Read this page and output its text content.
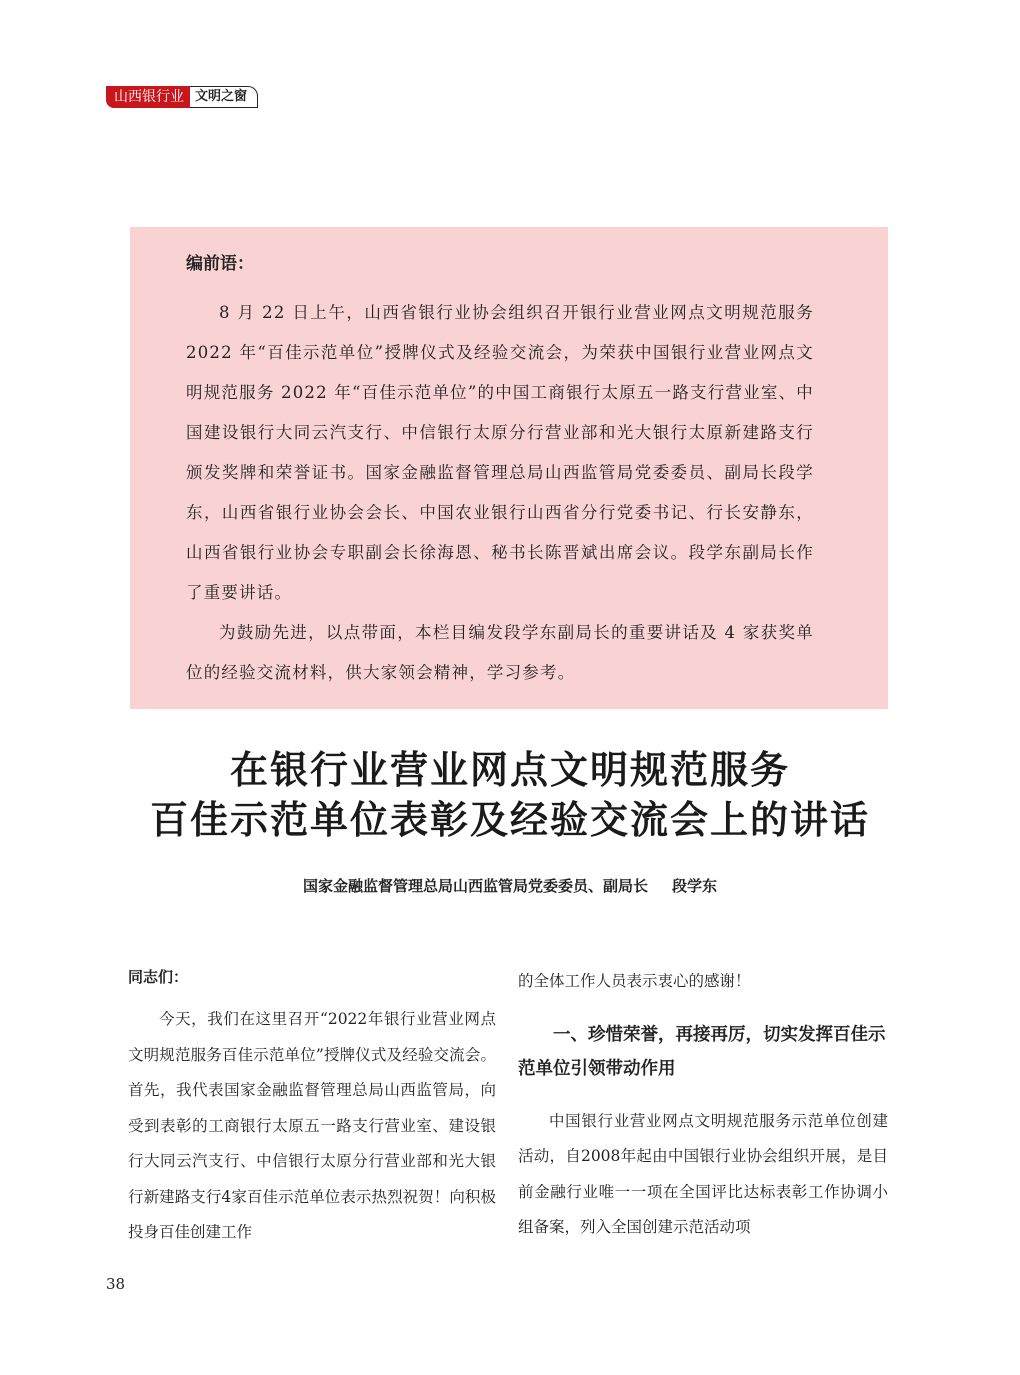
山西银行业 文明之窗
编前语：

8 月 22 日上午，山西省银行业协会组织召开银行业营业网点文明规范服务 2022 年“百佳示范单位”授牌仪式及经验交流会，为荣获中国银行业营业网点文明规范服务 2022 年“百佳示范单位”的中国工商银行太原五一路支行营业室、中国建设银行大同云汽支行、中信银行太原分行营业部和光大银行太原新建路支行颁发奖牌和荣誉证书。国家金融监督管理总局山西监管局党委委员、副局长段学东，山西省银行业协会会长、中国农业银行山西省分行党委书记、行长安静东，山西省银行业协会专职副会长徐海恩、秘书长陈晋斌出席会议。段学东副局长作了重要讲话。

为鼓励先进，以点带面，本栏目编发段学东副局长的重要讲话及 4 家获奖单位的经验交流材料，供大家领会精神，学习参考。

在银行业营业网点文明规范服务
百佳示范单位表彰及经验交流会上的讲话
国家金融监督管理总局山西监管局党委委员、副局长 段学东
同志们：

今天，我们在这里召开“2022年银行业营业网点文明规范服务百佳示范单位”授牌仪式及经验交流会。首先，我代表国家金融监督管理总局山西监管局，向受到表彰的工商银行太原五一路支行营业室、建设银行大同云汽支行、中信银行太原分行营业部和光大银行新建路支行4家百佳示范单位表示热烈祝贺！向积极投身百佳创建工作

的全体工作人员表示衷心的感谢！

一、珍惜荣誉，再接再厉，切实发挥百佳示范单位引领带动作用

中国银行业营业网点文明规范服务示范单位创建活动，自2008年起由中国银行业协会组织开展，是目前金融行业唯一一项在全国评比达标表彰工作协调小组备案，列入全国创建示范活动项

38
